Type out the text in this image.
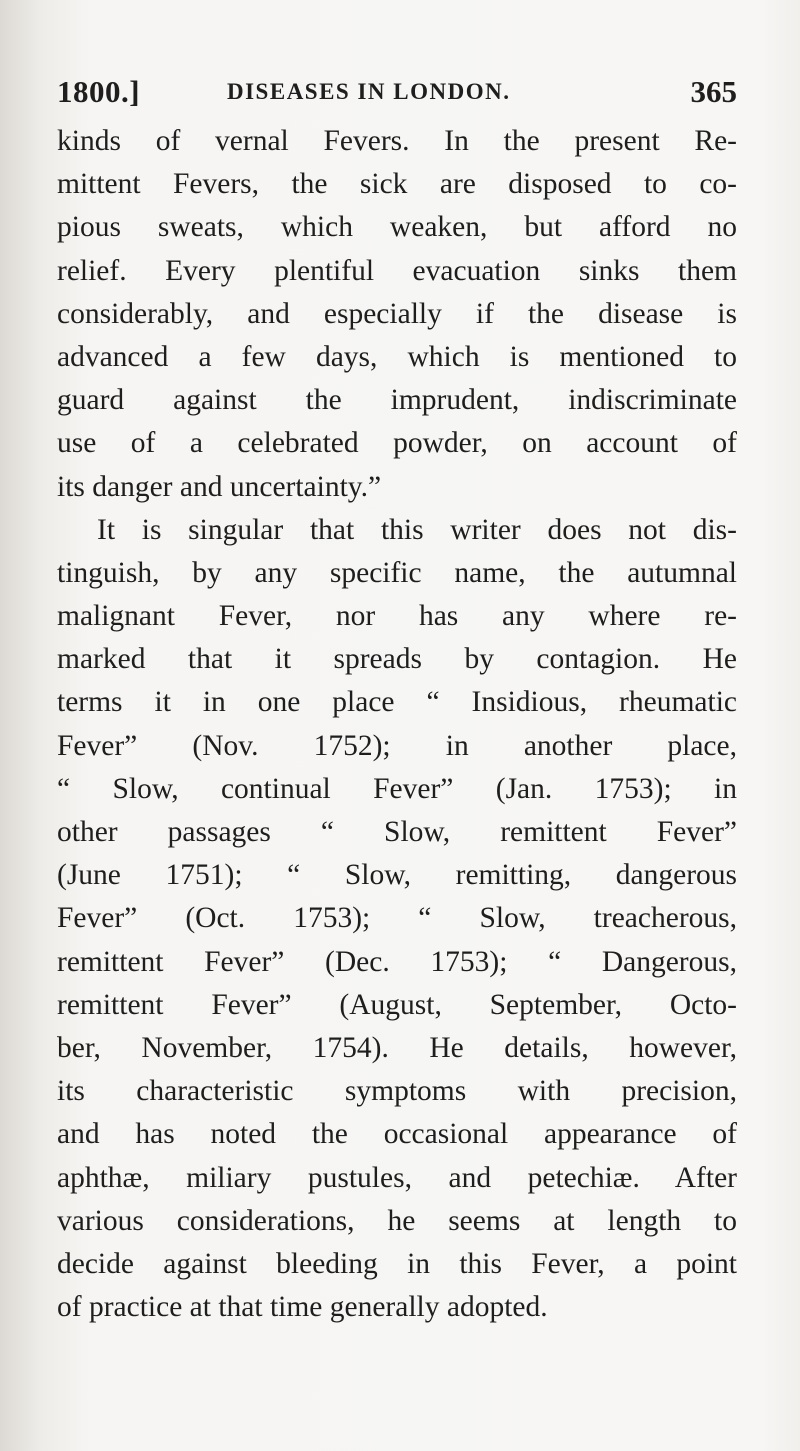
1800.]	DISEASES IN LONDON.	365
kinds of vernal Fevers. In the present Re-
mittent Fevers, the sick are disposed to co-
pious sweats, which weaken, but afford no
relief. Every plentiful evacuation sinks them
considerably, and especially if the disease is
advanced a few days, which is mentioned to
guard against the imprudent, indiscriminate
use of a celebrated powder, on account of
its danger and uncertainty.”
It is singular that this writer does not dis-
tinguish, by any specific name, the autumnal
malignant Fever, nor has any where re-
marked that it spreads by contagion. He
terms it in one place “ Insidious, rheumatic
Fever” (Nov. 1752); in another place,
“ Slow, continual Fever” (Jan. 1753); in
other passages “ Slow, remittent Fever”
(June 1751); “ Slow, remitting, dangerous
Fever” (Oct. 1753); “ Slow, treacherous,
remittent Fever” (Dec. 1753); “ Dangerous,
remittent Fever” (August, September, Octo-
ber, November, 1754). He details, however,
its characteristic symptoms with precision,
and has noted the occasional appearance of
aphthæ, miliary pustules, and petechiæ. After
various considerations, he seems at length to
decide against bleeding in this Fever, a point
of practice at that time generally adopted.
